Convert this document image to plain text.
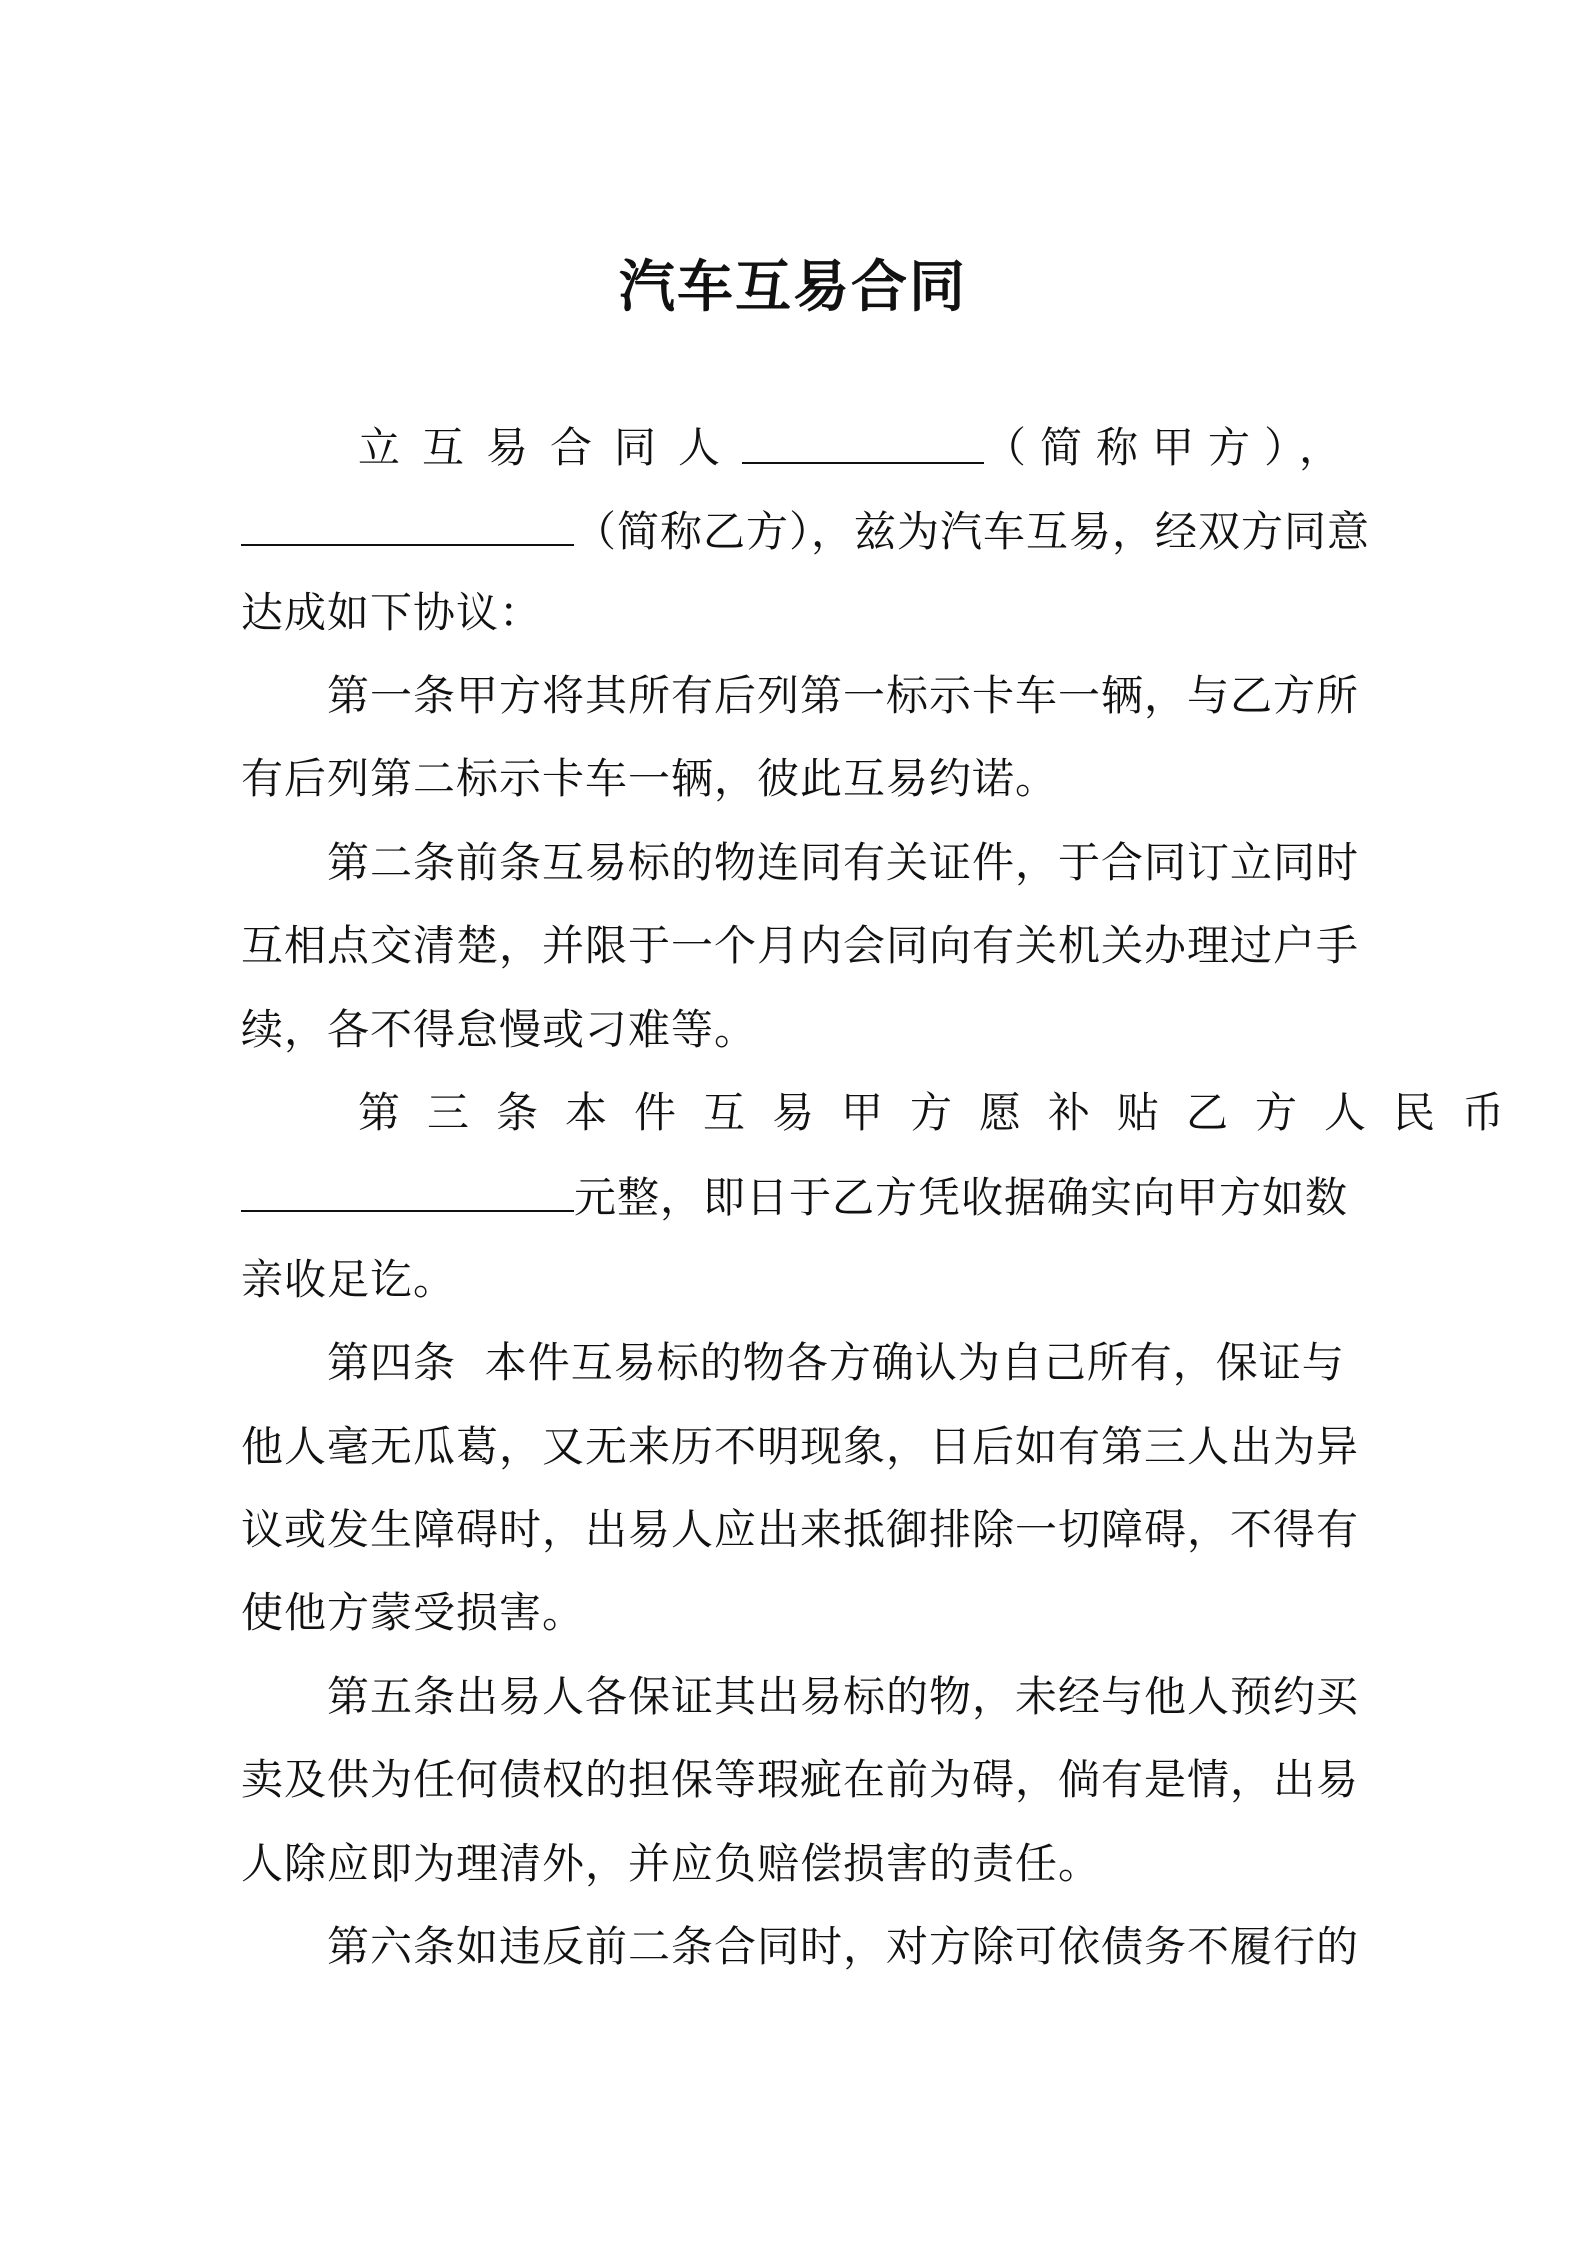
汽车互易合同
立互易合同人	（简称甲方），
（简称乙方），兹为汽车互易，经双方同意
达成如下协议：
第一条甲方将其所有后列第一标示卡车一辆，与乙方所
有后列第二标示卡车一辆，彼此互易约诺。
第二条前条互易标的物连同有关证件，于合同订立同时
互相点交清楚，并限于一个月内会同向有关机关办理过户手
续，各不得怠慢或刁难等。
第三条本件互易甲方愿补贴乙方人民币
元整，即日于乙方凭收据确实向甲方如数
亲收足讫。
第四条  本件互易标的物各方确认为自己所有，保证与
他人毫无瓜葛，又无来历不明现象，日后如有第三人出为异
议或发生障碍时，出易人应出来抵御排除一切障碍，不得有
使他方蒙受损害。
第五条出易人各保证其出易标的物，未经与他人预约买
卖及供为任何债权的担保等瑕疵在前为碍，倘有是情，出易
人除应即为理清外，并应负赔偿损害的责任。
第六条如违反前二条合同时，对方除可依债务不履行的
